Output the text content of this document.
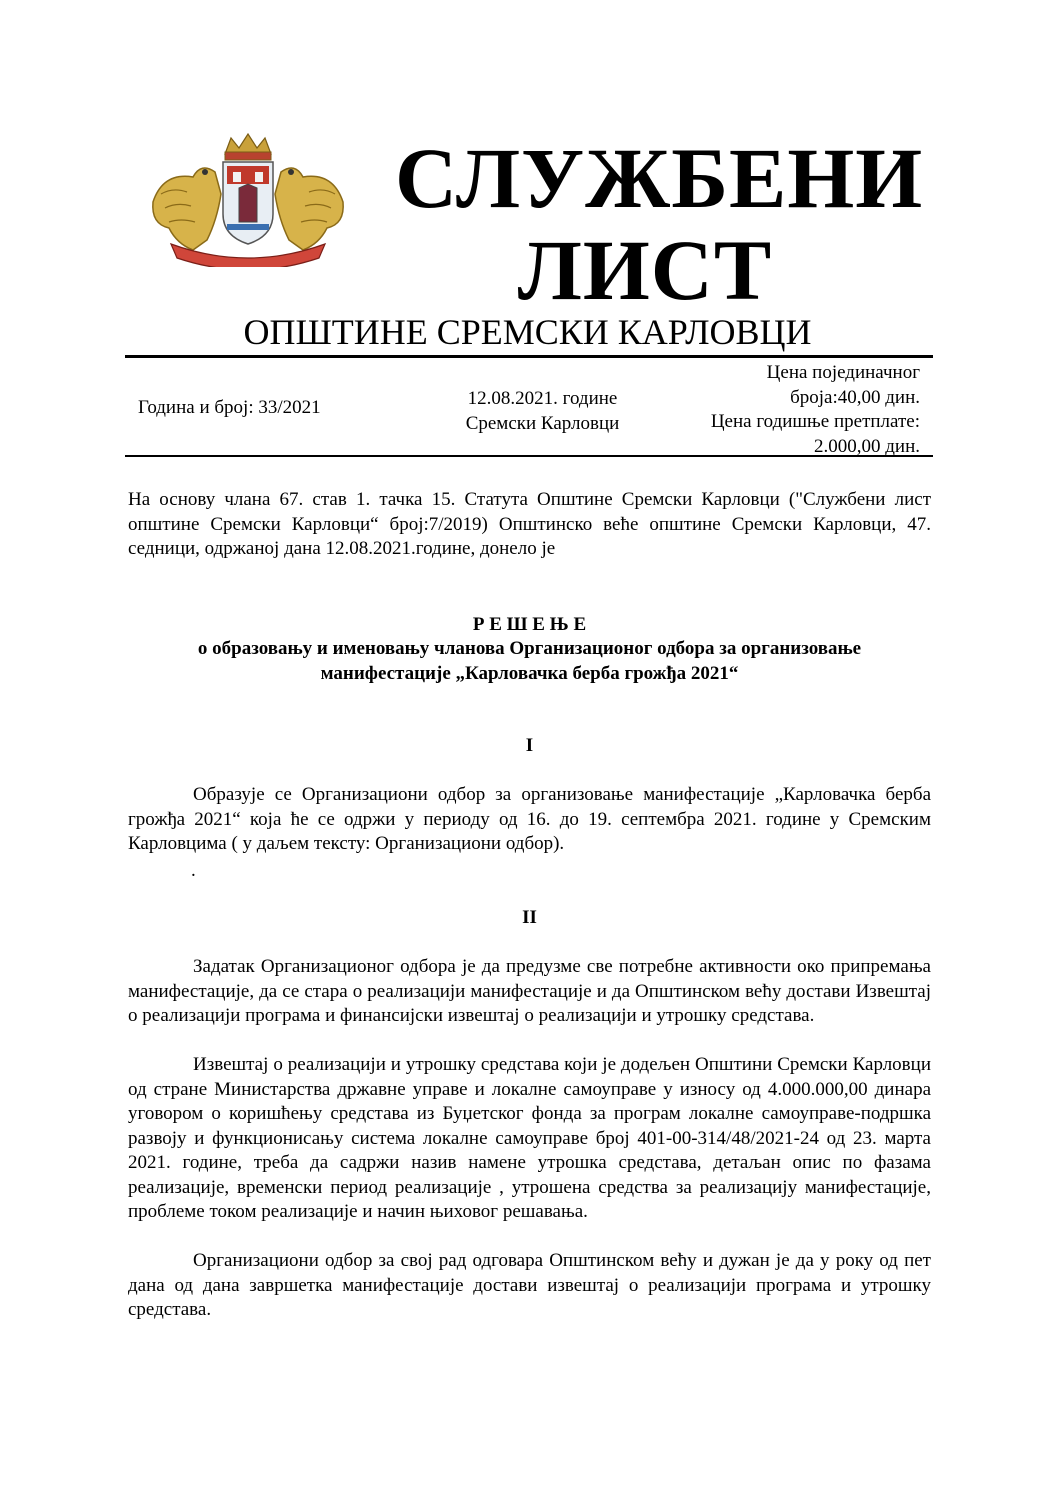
СЛУЖБЕНИ
ЛИСТ
ОПШТИНЕ СРЕМСКИ КАРЛОВЦИ
Година и број: 33/2021	12.08.2021. године
Сремски Карловци
Цена појединачног
броја:40,00 дин.
Цена годишње претплате:
2.000,00 дин.

На основу члана 67. став 1. тачка 15. Статута Општине Сремски Карловци ("Службени лист општине Сремски Карловци“ број:7/2019) Општинско веће општине Сремски Карловци, 47. седници, одржаној дана 12.08.2021.године, донело је

Р Е Ш Е Њ Е

о образовању и именовању чланова Организационог одбора за организовање

манифестације „Карловачка берба грожђа 2021“

I

Образује се Организациони одбор за организовање манифестације „Карловачка берба грожђа 2021“ која ће се одржи у периоду од 16. до 19. септембра 2021. године у Сремским Карловцима ( у даљем тексту: Организациони одбор).

.

II

Задатак Организационог одбора је да предузме све потребне активности око припремања манифестације, да се стара о реализацији манифестације и да Општинском већу достави Извештај о реализацији програма и финансијски извештај о реализацији и утрошку средстава.

Извештај о реализацији и утрошку средстава који је додељен Општини Сремски Карловци од стране Министарства државне управе и локалне самоуправе у износу од 4.000.000,00 динара уговором о коришћењу средстава из Буџетског фонда за програм локалне самоуправе-подршка развоју и функционисању система локалне самоуправе број 401-00-314/48/2021-24 од 23. марта 2021. године, треба да садржи назив намене утрошка средстава, детаљан опис по фазама реализације, временски период реализације , утрошена средства за реализацију манифестације, проблеме током реализације и начин њиховог решавања.

Организациони одбор за свој рад одговара Општинском већу и дужан је да у року од пет дана од дана завршетка манифестације достави извештај о реализацији програма и утрошку средстава.
